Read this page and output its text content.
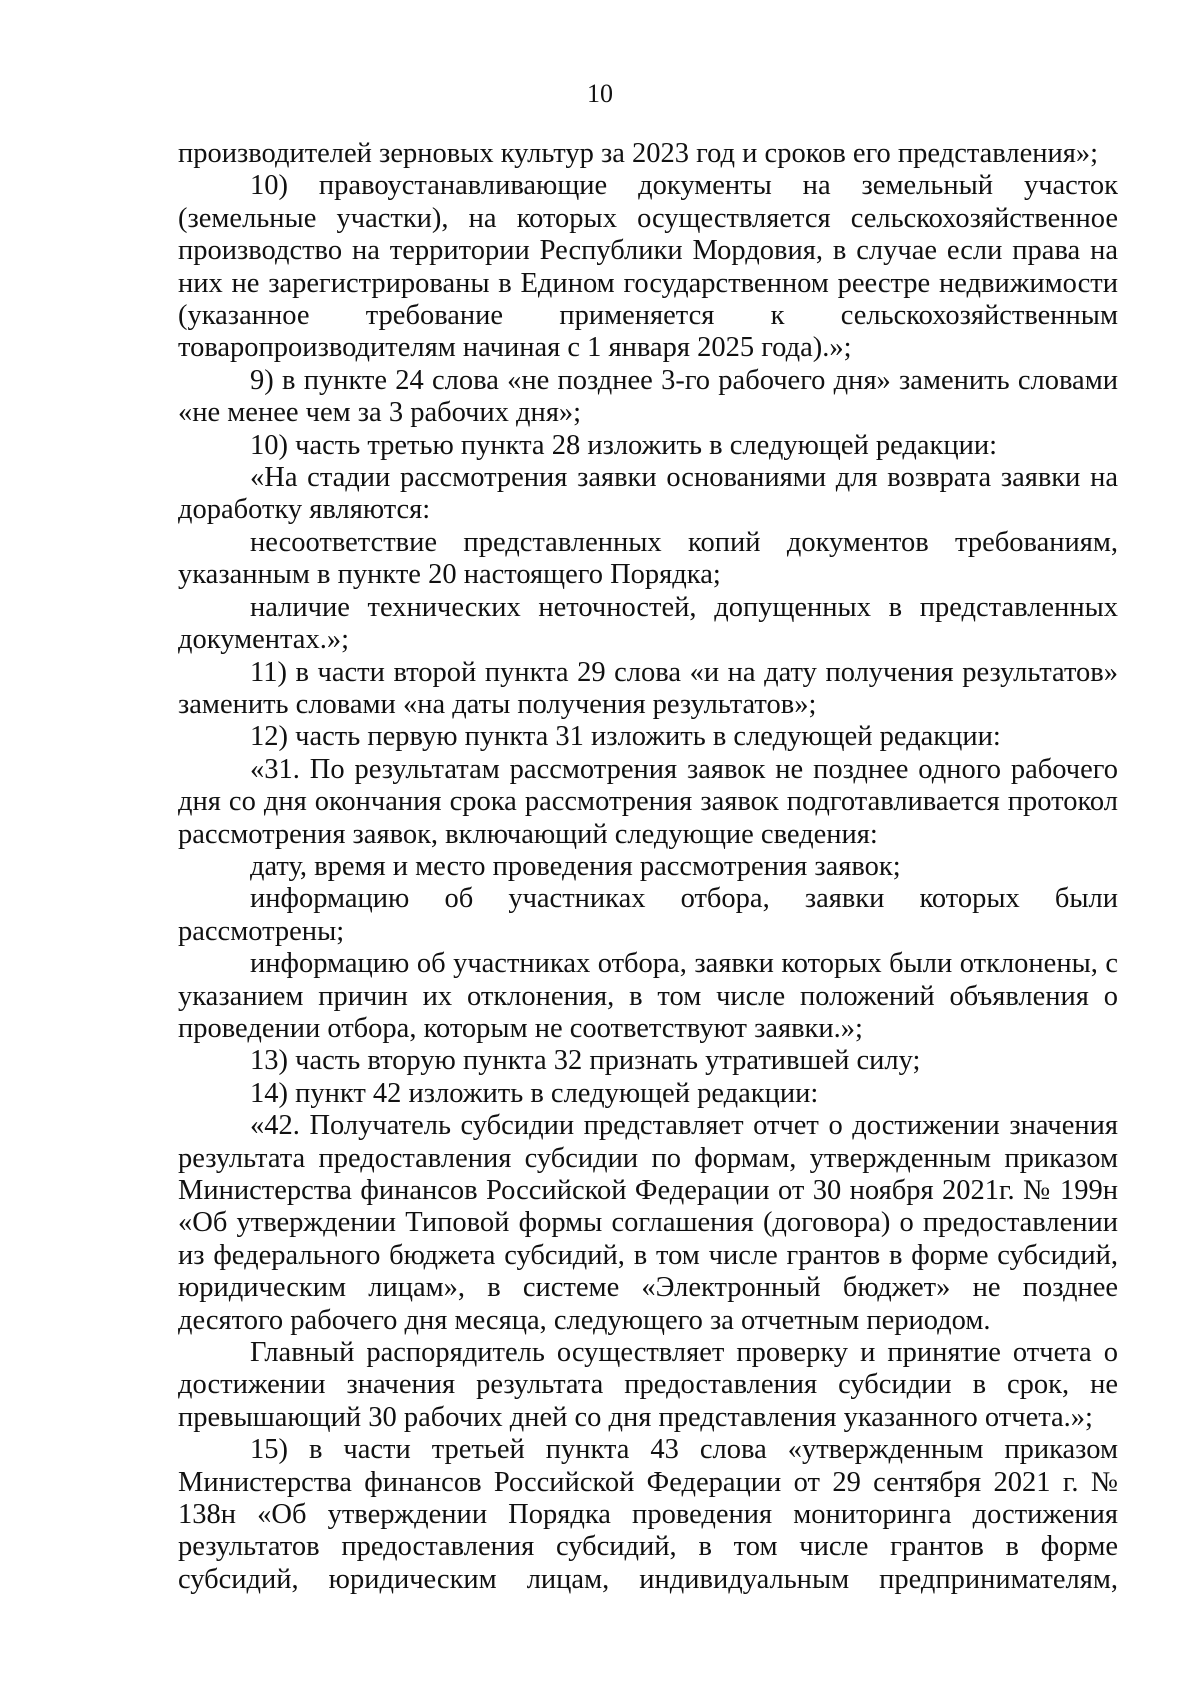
10

производителей зерновых культур за 2023 год и сроков его представления»;

10) правоустанавливающие документы на земельный участок (земельные участки), на которых осуществляется сельскохозяйственное производство на территории Республики Мордовия, в случае если права на них не зарегистрированы в Едином государственном реестре недвижимости (указанное требование применяется к сельскохозяйственным товаропроизводителям начиная с 1 января 2025 года).»;

9) в пункте 24 слова «не позднее 3-го рабочего дня» заменить словами «не менее чем за 3 рабочих дня»;

10) часть третью пункта 28 изложить в следующей редакции:

«На стадии рассмотрения заявки основаниями для возврата заявки на доработку являются:

несоответствие представленных копий документов требованиям, указанным в пункте 20 настоящего Порядка;

наличие технических неточностей, допущенных в представленных документах.»;

11) в части второй пункта 29 слова «и на дату получения результатов» заменить словами «на даты получения результатов»;

12) часть первую пункта 31 изложить в следующей редакции:

«31. По результатам рассмотрения заявок не позднее одного рабочего дня со дня окончания срока рассмотрения заявок подготавливается протокол рассмотрения заявок, включающий следующие сведения:

дату, время и место проведения рассмотрения заявок;

информацию об участниках отбора, заявки которых были рассмотрены;

информацию об участниках отбора, заявки которых были отклонены, с указанием причин их отклонения, в том числе положений объявления о проведении отбора, которым не соответствуют заявки.»;

13) часть вторую пункта 32 признать утратившей силу;

14) пункт 42 изложить в следующей редакции:

«42. Получатель субсидии представляет отчет о достижении значения результата предоставления субсидии по формам, утвержденным приказом Министерства финансов Российской Федерации от 30 ноября 2021г. № 199н «Об утверждении Типовой формы соглашения (договора) о предоставлении из федерального бюджета субсидий, в том числе грантов в форме субсидий, юридическим лицам», в системе «Электронный бюджет» не позднее десятого рабочего дня месяца, следующего за отчетным периодом.

Главный распорядитель осуществляет проверку и принятие отчета о достижении значения результата предоставления субсидии в срок, не превышающий 30 рабочих дней со дня представления указанного отчета.»;

15) в части третьей пункта 43 слова «утвержденным приказом Министерства финансов Российской Федерации от 29 сентября 2021 г. № 138н «Об утверждении Порядка проведения мониторинга достижения результатов предоставления субсидий, в том числе грантов в форме субсидий, юридическим лицам, индивидуальным предпринимателям,
